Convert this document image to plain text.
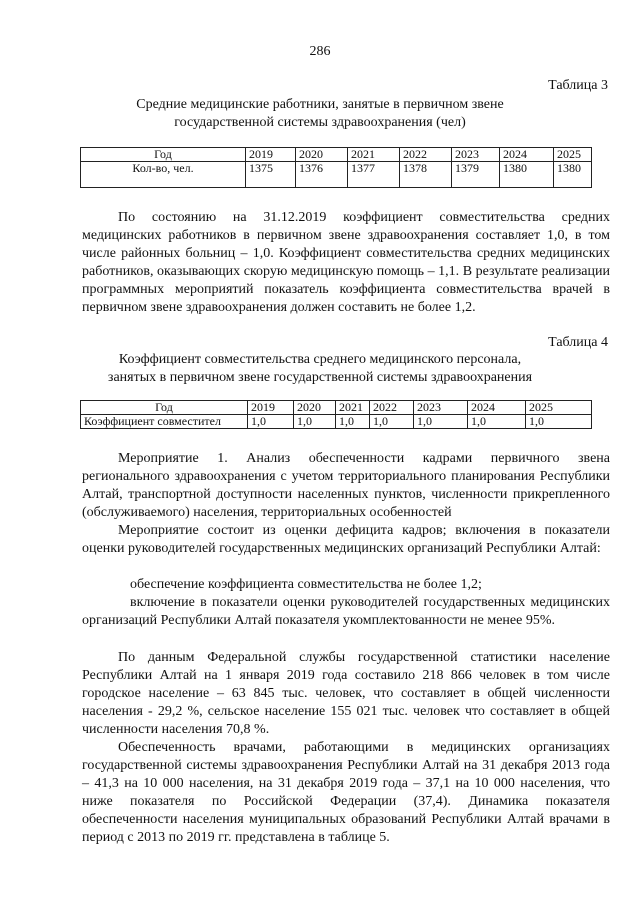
286
Таблица 3
Средние медицинские работники, занятые в первичном звене
государственной системы здравоохранения (чел)
Год	2019	2020	2021	2022	2023	2024	2025
Кол-во, чел.	1375	1376	1377	1378	1379	1380	1380
По состоянию на 31.12.2019 коэффициент совместительства средних медицинских работников в первичном звене здравоохранения составляет 1,0, в том числе районных больниц – 1,0. Коэффициент совместительства средних медицинских работников, оказывающих скорую медицинскую помощь – 1,1. В результате реализации программных мероприятий показатель коэффициента совместительства врачей в первичном звене здравоохранения должен составить не более 1,2.
Таблица 4
Коэффициент совместительства среднего медицинского персонала,
занятых в первичном звене государственной системы здравоохранения
Год	2019	2020	2021	2022	2023	2024	2025
Коэффициент совместител	1,0	1,0	1,0	1,0	1,0	1,0	1,0
Мероприятие 1. Анализ обеспеченности кадрами первичного звена регионального здравоохранения с учетом территориального планирования Республики Алтай, транспортной доступности населенных пунктов, численности прикрепленного (обслуживаемого) населения, территориальных особенностей
Мероприятие состоит из оценки дефицита кадров; включения в показатели оценки руководителей государственных медицинских организаций Республики Алтай:
обеспечение коэффициента совместительства не более 1,2;
включение в показатели оценки руководителей государственных медицинских организаций Республики Алтай показателя укомплектованности не менее 95%.
По данным Федеральной службы государственной статистики население Республики Алтай на 1 января 2019 года составило 218 866 человек в том числе городское население – 63 845 тыс. человек, что составляет в общей численности населения - 29,2 %, сельское население 155 021 тыс. человек что составляет в общей численности населения 70,8 %.
Обеспеченность врачами, работающими в медицинских организациях государственной системы здравоохранения Республики Алтай на 31 декабря 2013 года – 41,3 на 10 000 населения, на 31 декабря 2019 года – 37,1 на 10 000 населения, что ниже показателя по Российской Федерации (37,4). Динамика показателя обеспеченности населения муниципальных образований Республики Алтай врачами в период с 2013 по 2019 гг. представлена в таблице 5.
